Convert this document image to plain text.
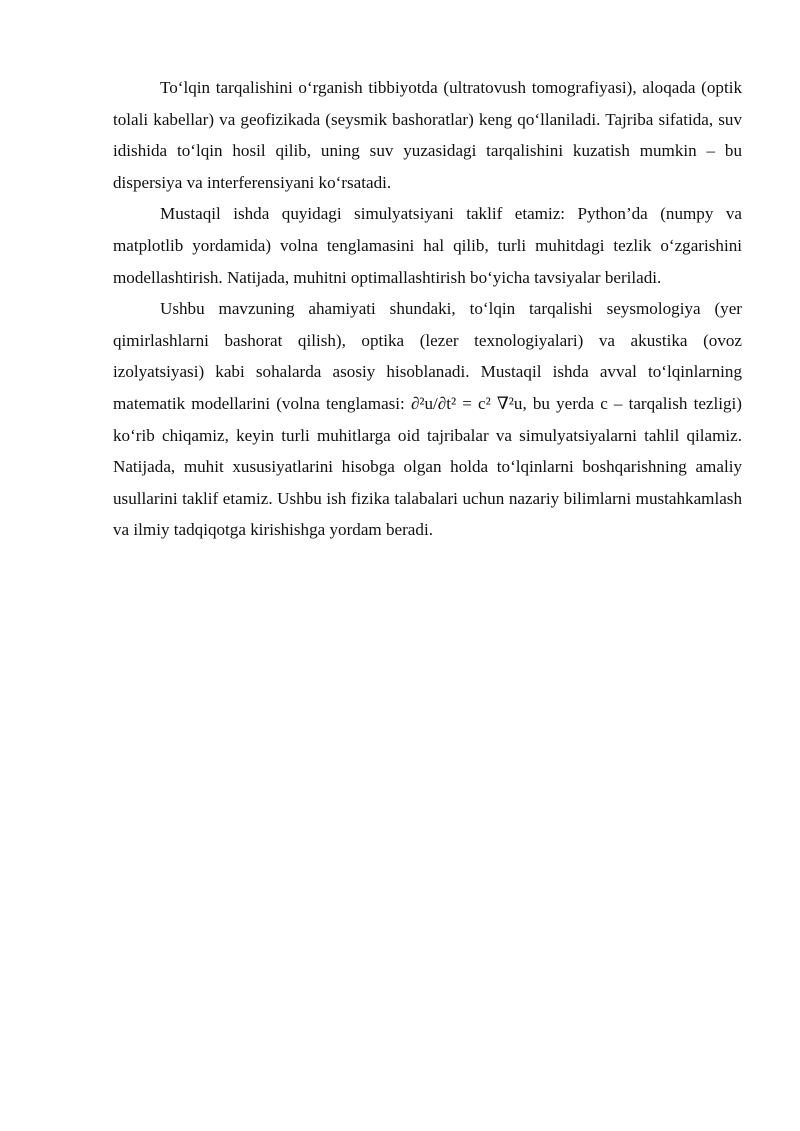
To‘lqin tarqalishini o‘rganish tibbiyotda (ultratovush tomografiyasi), aloqada (optik tolali kabellar) va geofizikada (seysmik bashoratlar) keng qo‘llaniladi. Tajriba sifatida, suv idishida to‘lqin hosil qilib, uning suv yuzasidagi tarqalishini kuzatish mumkin – bu dispersiya va interferensiyani ko‘rsatadi.

Mustaqil ishda quyidagi simulyatsiyani taklif etamiz: Python’da (numpy va matplotlib yordamida) volna tenglamasini hal qilib, turli muhitdagi tezlik o‘zgarishini modellashtirish. Natijada, muhitni optimallashtirish bo‘yicha tavsiyalar beriladi.

Ushbu mavzuning ahamiyati shundaki, to‘lqin tarqalishi seysmologiya (yer qimirlashlarni bashorat qilish), optika (lezer texnologiyalari) va akustika (ovoz izolyatsiyasi) kabi sohalarda asosiy hisoblanadi. Mustaqil ishda avval to‘lqinlarning matematik modellarini (volna tenglamasi: ∂²u/∂t² = c² ∇²u, bu yerda c – tarqalish tezligi) ko‘rib chiqamiz, keyin turli muhitlarga oid tajribalar va simulyatsiyalarni tahlil qilamiz. Natijada, muhit xususiyatlarini hisobga olgan holda to‘lqinlarni boshqarishning amaliy usullarini taklif etamiz. Ushbu ish fizika talabalari uchun nazariy bilimlarni mustahkamlash va ilmiy tadqiqotga kirishishga yordam beradi.
